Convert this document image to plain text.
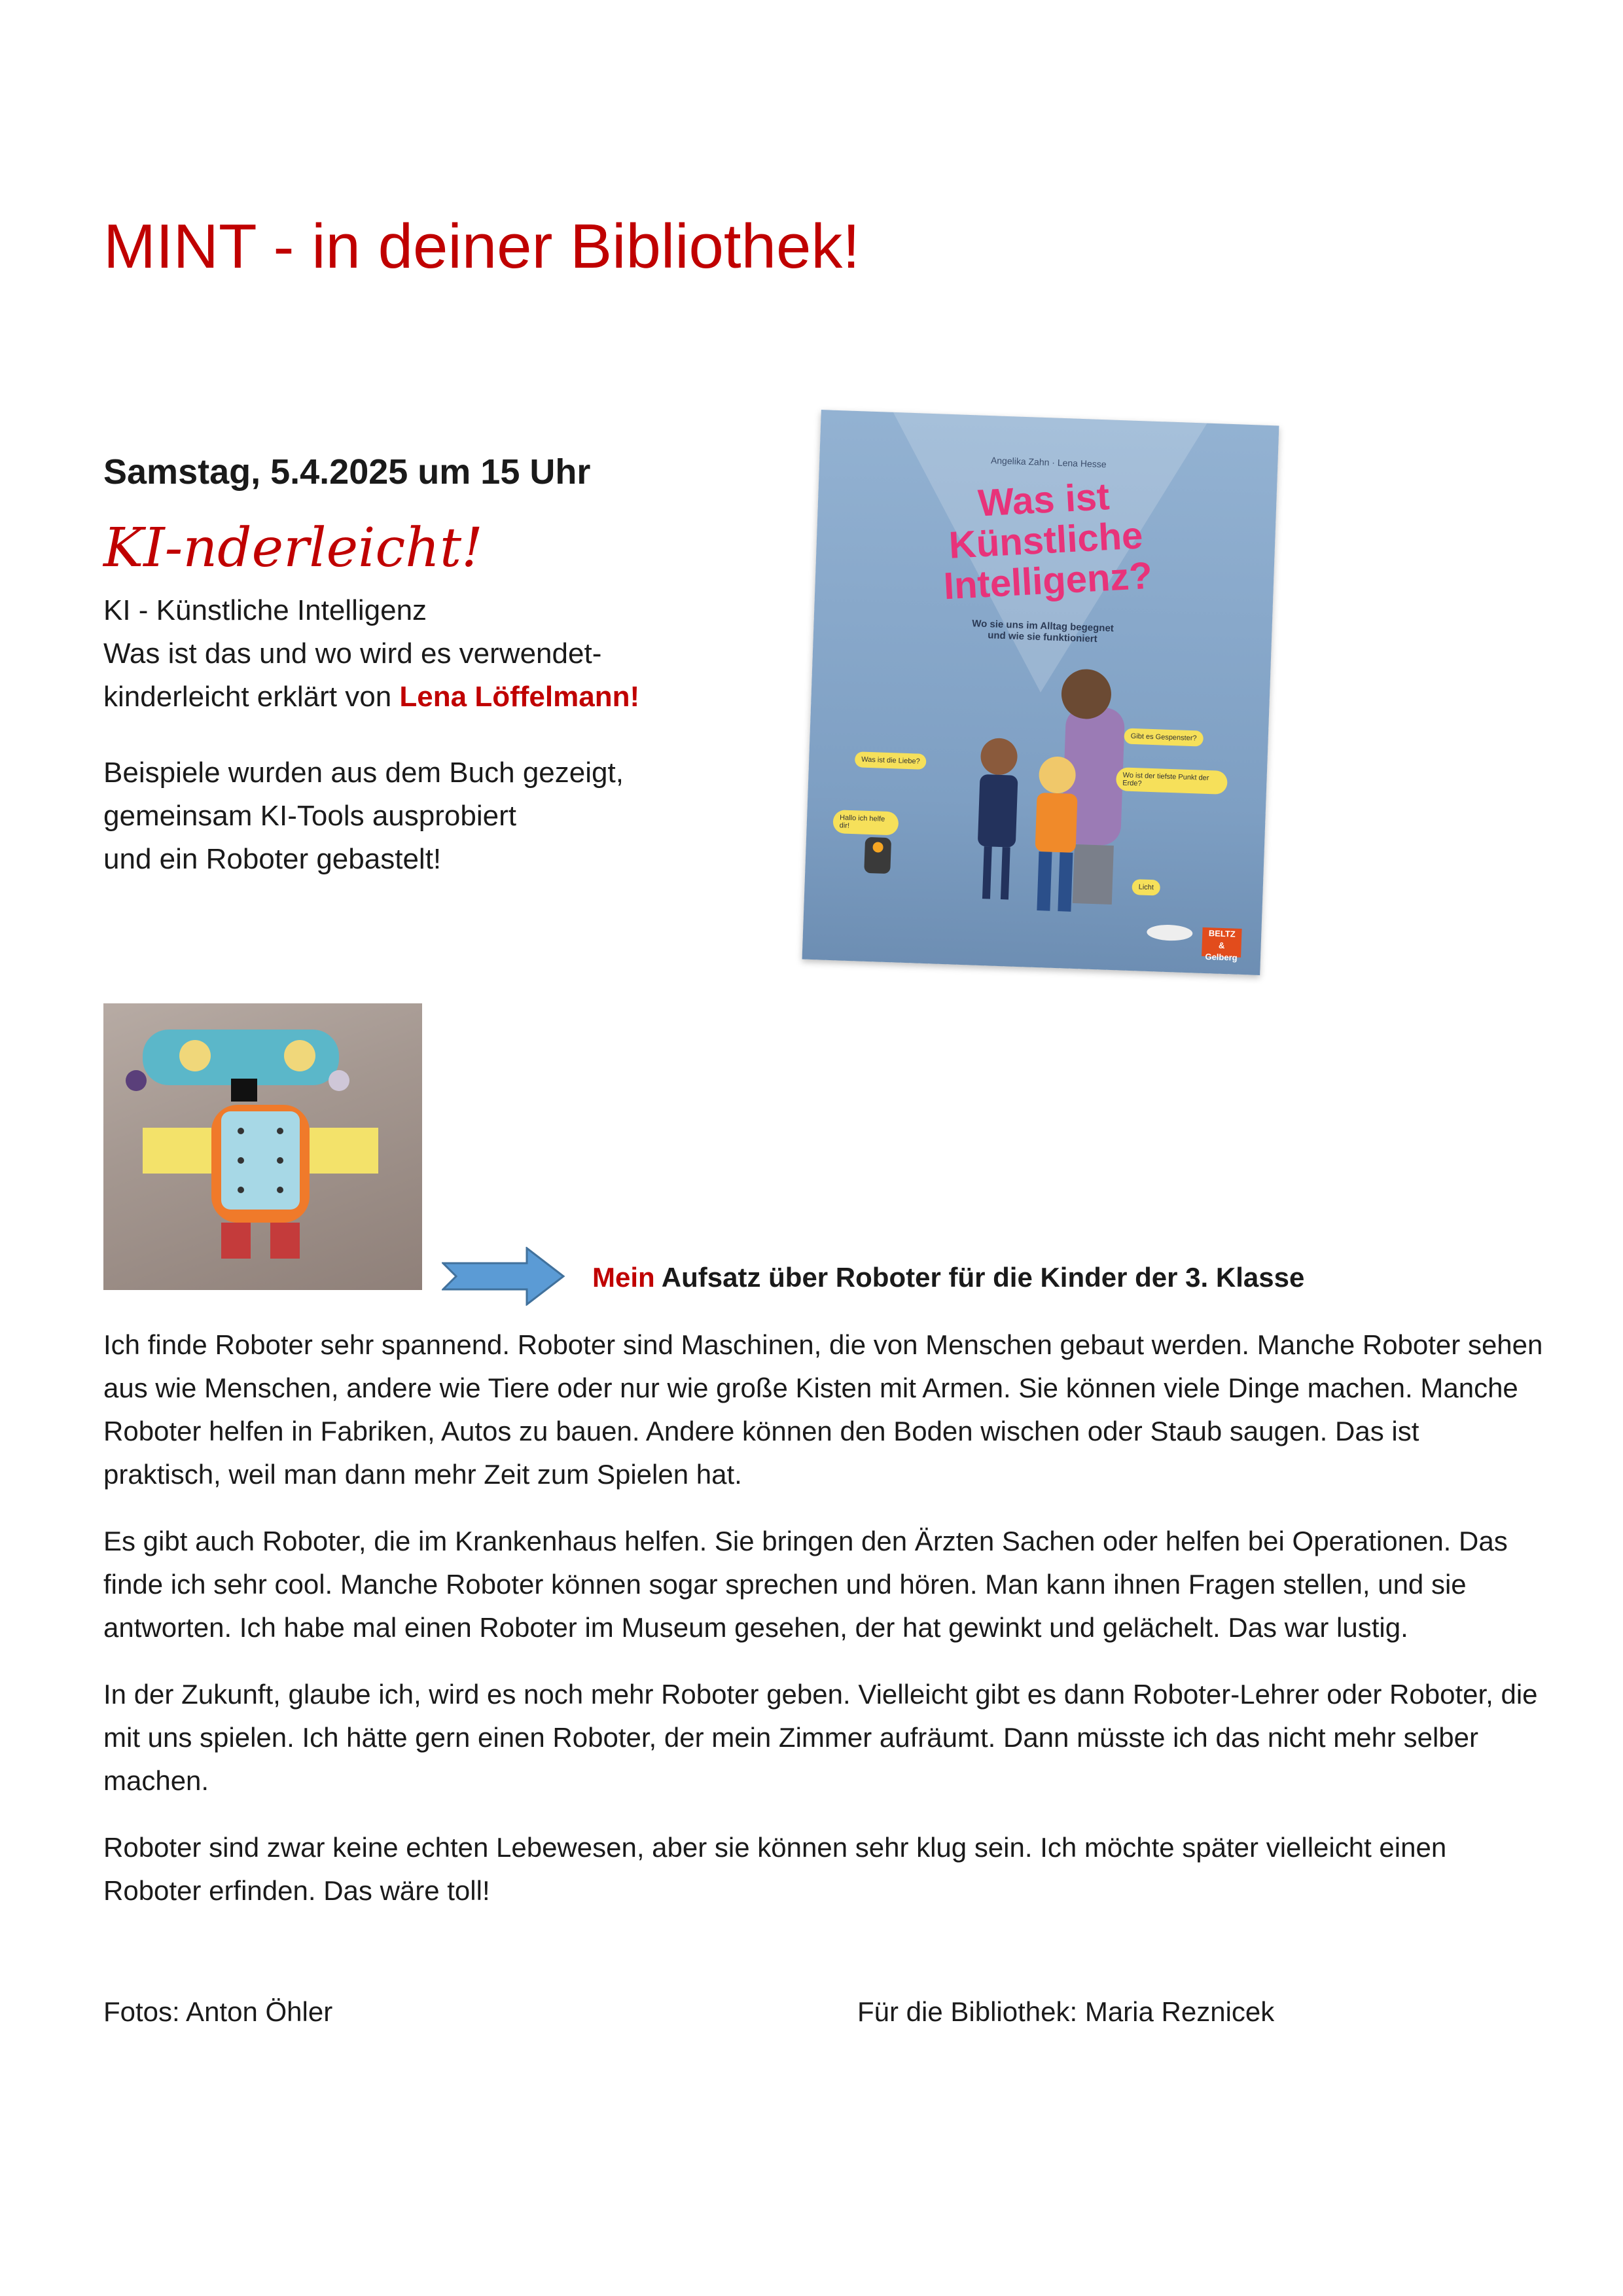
MINT - in deiner Bibliothek!
Samstag, 5.4.2025 um 15 Uhr
KI-nderleicht!

KI - Künstliche Intelligenz

Was ist das und wo wird es verwendet-

kinderleicht erklärt von Lena Löffelmann!

Beispiele wurden aus dem Buch gezeigt,

gemeinsam KI-Tools ausprobiert

und ein Roboter gebastelt!

Angelika Zahn · Lena Hesse
Was ist
Künstliche
Intelligenz?
Wo sie uns im Alltag begegnet
und wie sie funktioniert
Was ist die Liebe?
Gibt es Gespenster?
Wo ist der tiefste Punkt der Erde?
Hallo ich helfe dir!
Licht
BELTZ
& Gelberg
Mein Aufsatz über Roboter für die Kinder der 3. Klasse

Ich finde Roboter sehr spannend. Roboter sind Maschinen, die von Menschen gebaut werden. Manche Roboter sehen aus wie Menschen, andere wie Tiere oder nur wie große Kisten mit Armen. Sie können viele Dinge machen. Manche Roboter helfen in Fabriken, Autos zu bauen. Andere können den Boden wischen oder Staub saugen. Das ist praktisch, weil man dann mehr Zeit zum Spielen hat.

Es gibt auch Roboter, die im Krankenhaus helfen. Sie bringen den Ärzten Sachen oder helfen bei Operationen. Das finde ich sehr cool. Manche Roboter können sogar sprechen und hören. Man kann ihnen Fragen stellen, und sie antworten. Ich habe mal einen Roboter im Museum gesehen, der hat gewinkt und gelächelt. Das war lustig.

In der Zukunft, glaube ich, wird es noch mehr Roboter geben. Vielleicht gibt es dann Roboter-Lehrer oder Roboter, die mit uns spielen. Ich hätte gern einen Roboter, der mein Zimmer aufräumt. Dann müsste ich das nicht mehr selber machen.

Roboter sind zwar keine echten Lebewesen, aber sie können sehr klug sein. Ich möchte später vielleicht einen Roboter erfinden. Das wäre toll!

Fotos: Anton Öhler	Für die Bibliothek: Maria Reznicek
